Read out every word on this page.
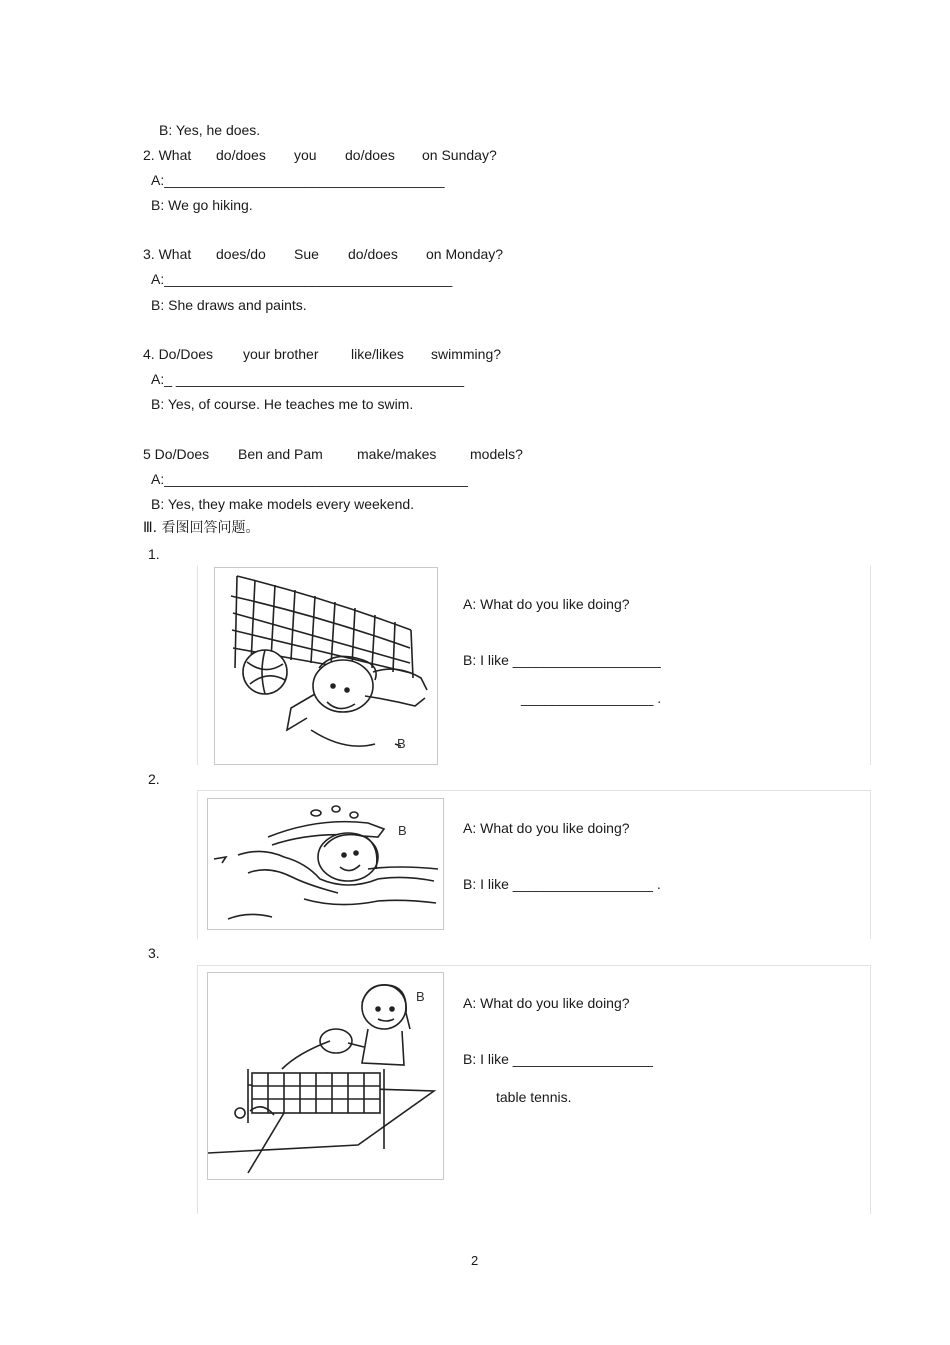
B: Yes, he does.
2. What do/does you do/does on Sunday?
A:____________________________________
B: We go hiking.
3. What does/do Sue do/does on Monday?
A:_____________________________________
B: She draws and paints.
4. Do/Does your brother like/likes swimming?
A:_ _____________________________________
B: Yes, of course. He teaches me to swim.
5 Do/Does Ben and Pam make/makes models?
A:_______________________________________
B: Yes, they make models every weekend.
Ⅲ. 看图回答问题。
1.
B
A: What do you like doing?
B: I like ___________________
_________________ .
2.
B	A: What do you like doing?
B: I like __________________ .
3.
B	A: What do you like doing?
B: I like __________________
table tennis.
2
